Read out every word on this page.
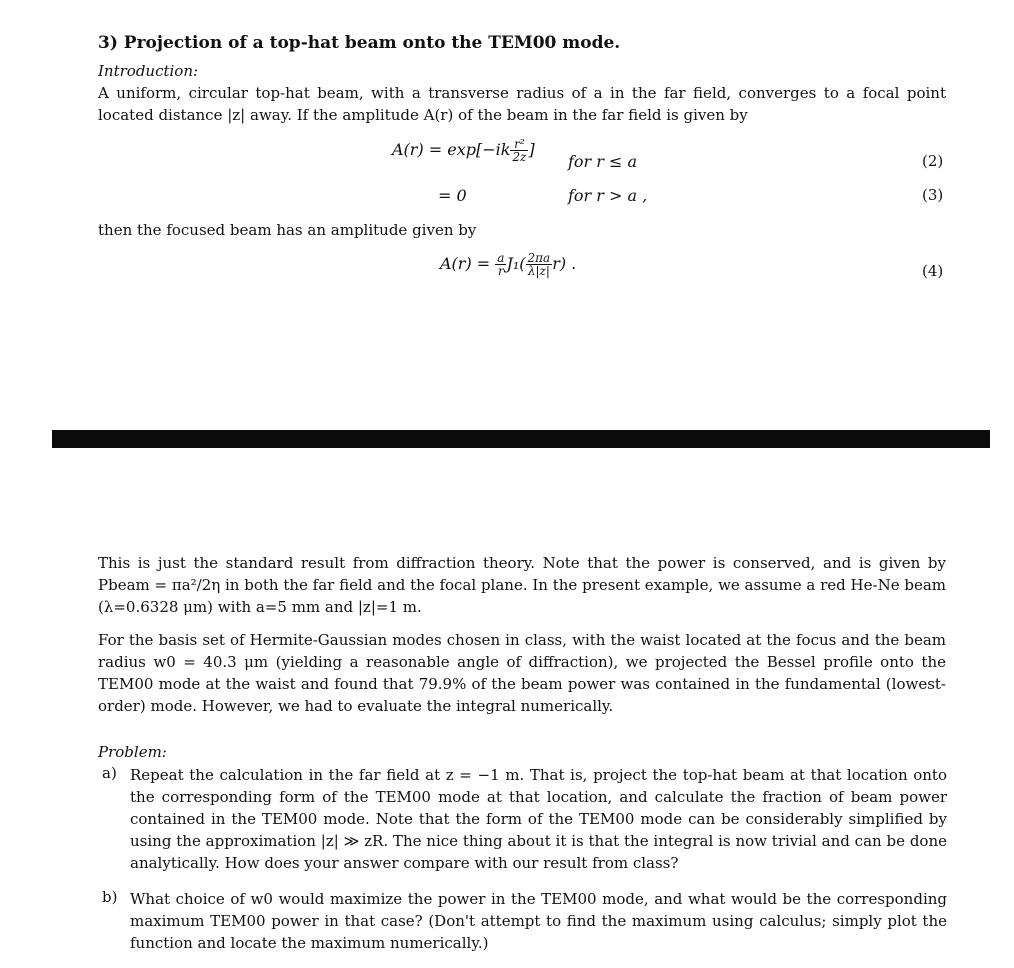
3) Projection of a top-hat beam onto the TEM00 mode.
Introduction:
A uniform, circular top-hat beam, with a transverse radius of a in the far field, converges to a focal point located distance |z| away. If the amplitude A(r) of the beam in the far field is given by
$A(r) = \exp[-ik \frac{\text{r²}}{2z}$ ]
for r ≤ a	(2)
= 0	for r > a ,	(3)
then the focused beam has an amplitude given by
$A(r) = \frac{a}{r} J_1( \frac{2\pi a}{\lambda|z|} r)$ .	(4)
This is just the standard result from diffraction theory. Note that the power is conserved, and is given by Pbeam = πa²/2η in both the far field and the focal plane. In the present example, we assume a red He-Ne beam (λ=0.6328 μm) with a=5 mm and |z|=1 m.
For the basis set of Hermite-Gaussian modes chosen in class, with the waist located at the focus and the beam radius w0 = 40.3 μm (yielding a reasonable angle of diffraction), we projected the Bessel profile onto the TEM00 mode at the waist and found that 79.9% of the beam power was contained in the fundamental (lowest-order) mode. However, we had to evaluate the integral numerically.
Problem:
a) Repeat the calculation in the far field at z = −1 m. That is, project the top-hat beam at that location onto the corresponding form of the TEM00 mode at that location, and calculate the fraction of beam power contained in the TEM00 mode. Note that the form of the TEM00 mode can be considerably simplified by using the approximation |z| ≫ zR. The nice thing about it is that the integral is now trivial and can be done analytically. How does your answer compare with our result from class?
b) What choice of w0 would maximize the power in the TEM00 mode, and what would be the corresponding maximum TEM00 power in that case? (Don't attempt to find the maximum using calculus; simply plot the function and locate the maximum numerically.)
